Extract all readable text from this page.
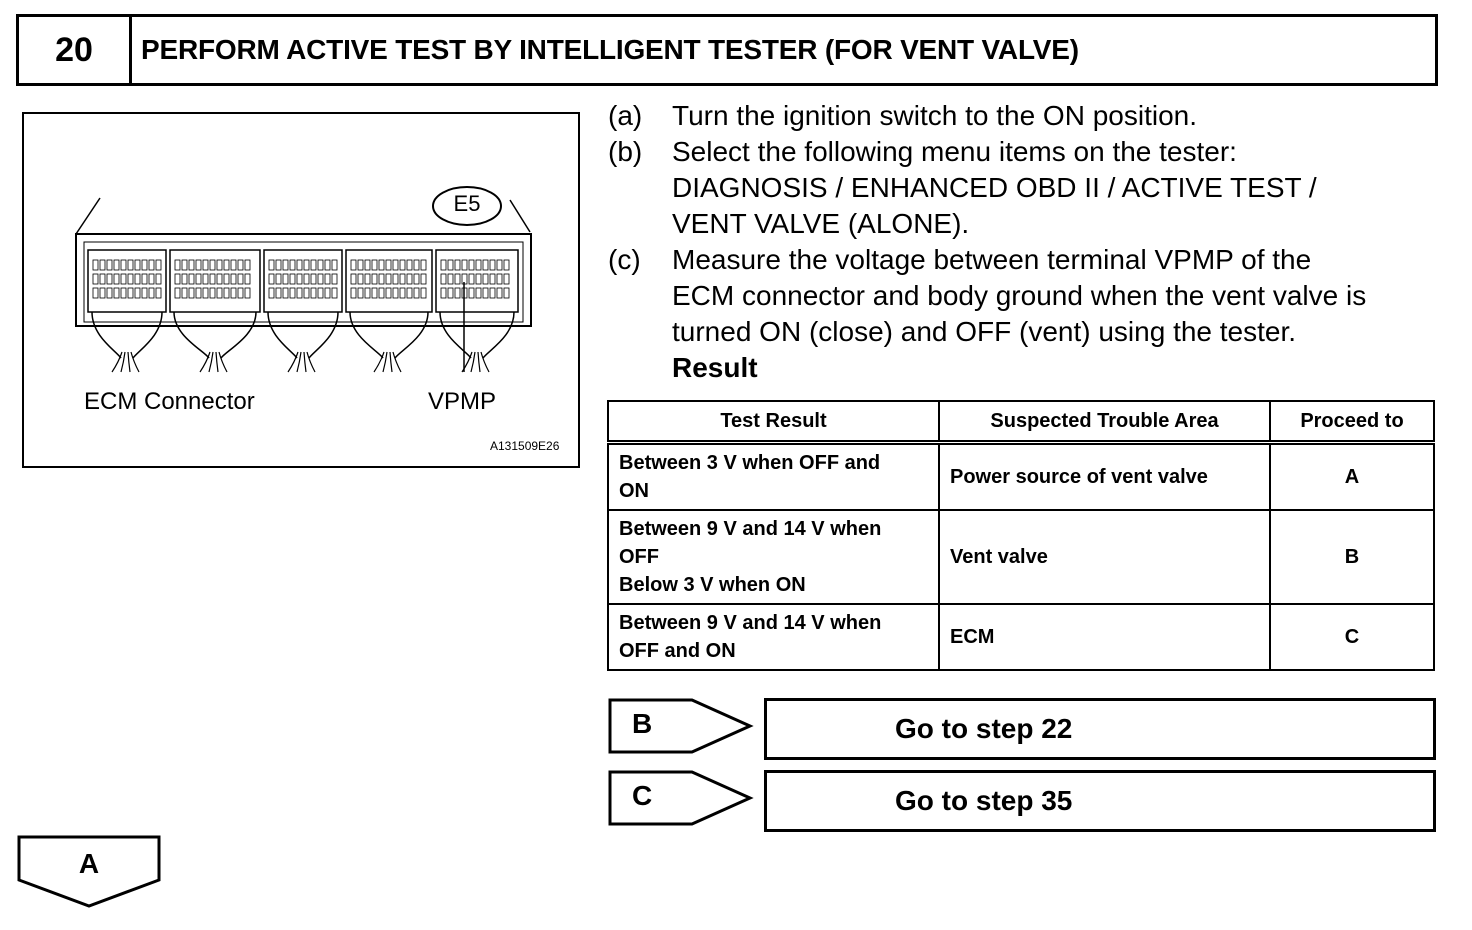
20	PERFORM ACTIVE TEST BY INTELLIGENT TESTER (FOR VENT VALVE)
E5
ECM Connector	VPMP
A131509E26
(a)	Turn the ignition switch to the ON position.
(b)	Select the following menu items on the tester:
DIAGNOSIS / ENHANCED OBD II / ACTIVE TEST /
VENT VALVE (ALONE).
(c)	Measure the voltage between terminal VPMP of the
ECM connector and body ground when the vent valve is
turned ON (close) and OFF (vent) using the tester.
Result
Test Result	Suspected Trouble Area	Proceed to

Between 3 V when OFF and
ON	Power source of vent valve	A

Between 9 V and 14 V when
OFF
Below 3 V when ON	Vent valve	B

Between 9 V and 14 V when
OFF and ON	ECM	C
B	Go to step 22
C	Go to step 35
A
